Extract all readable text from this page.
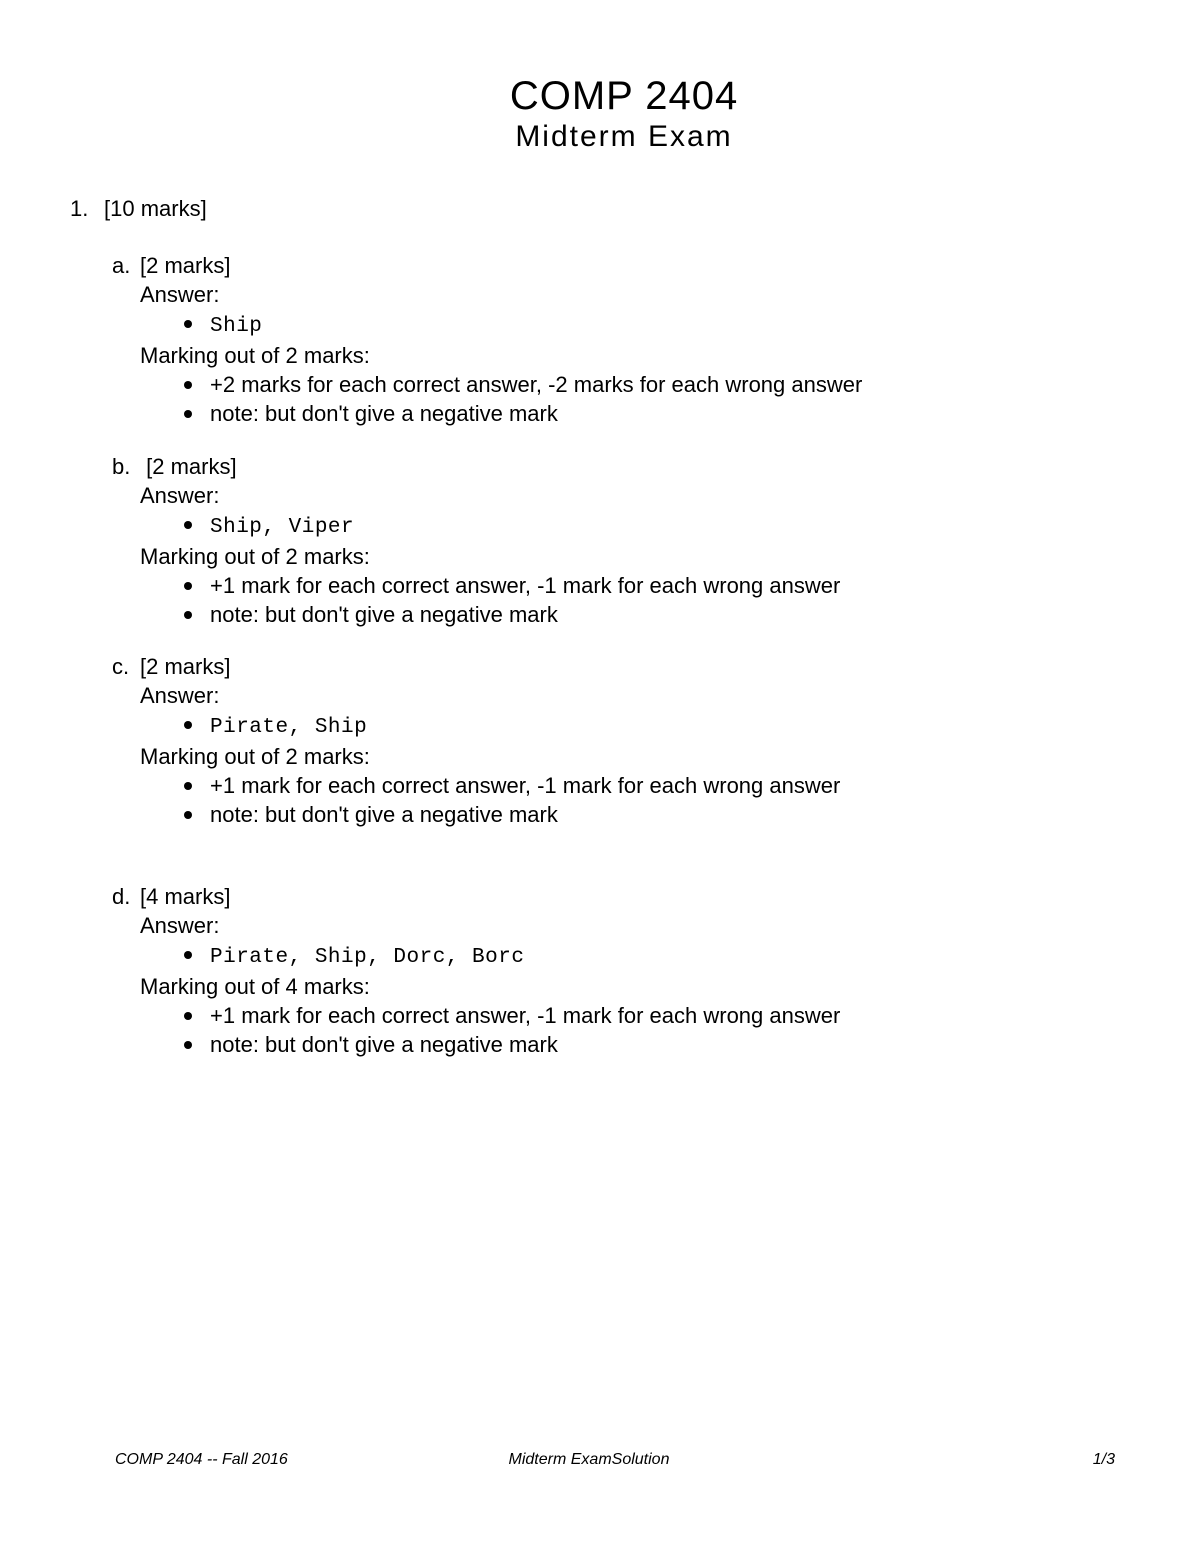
COMP 2404
Midterm Exam
1. [10 marks]
a. [2 marks]
Answer:
Ship
Marking out of 2 marks:
+2 marks for each correct answer, -2 marks for each wrong answer
note: but don't give a negative mark
b. [2 marks]
Answer:
Ship, Viper
Marking out of 2 marks:
+1 mark for each correct answer, -1 mark for each wrong answer
note: but don't give a negative mark
c. [2 marks]
Answer:
Pirate, Ship
Marking out of 2 marks:
+1 mark for each correct answer, -1 mark for each wrong answer
note: but don't give a negative mark
d. [4 marks]
Answer:
Pirate, Ship, Dorc, Borc
Marking out of 4 marks:
+1 mark for each correct answer, -1 mark for each wrong answer
note: but don't give a negative mark
COMP 2404 -- Fall 2016	Midterm ExamSolution	1/3
